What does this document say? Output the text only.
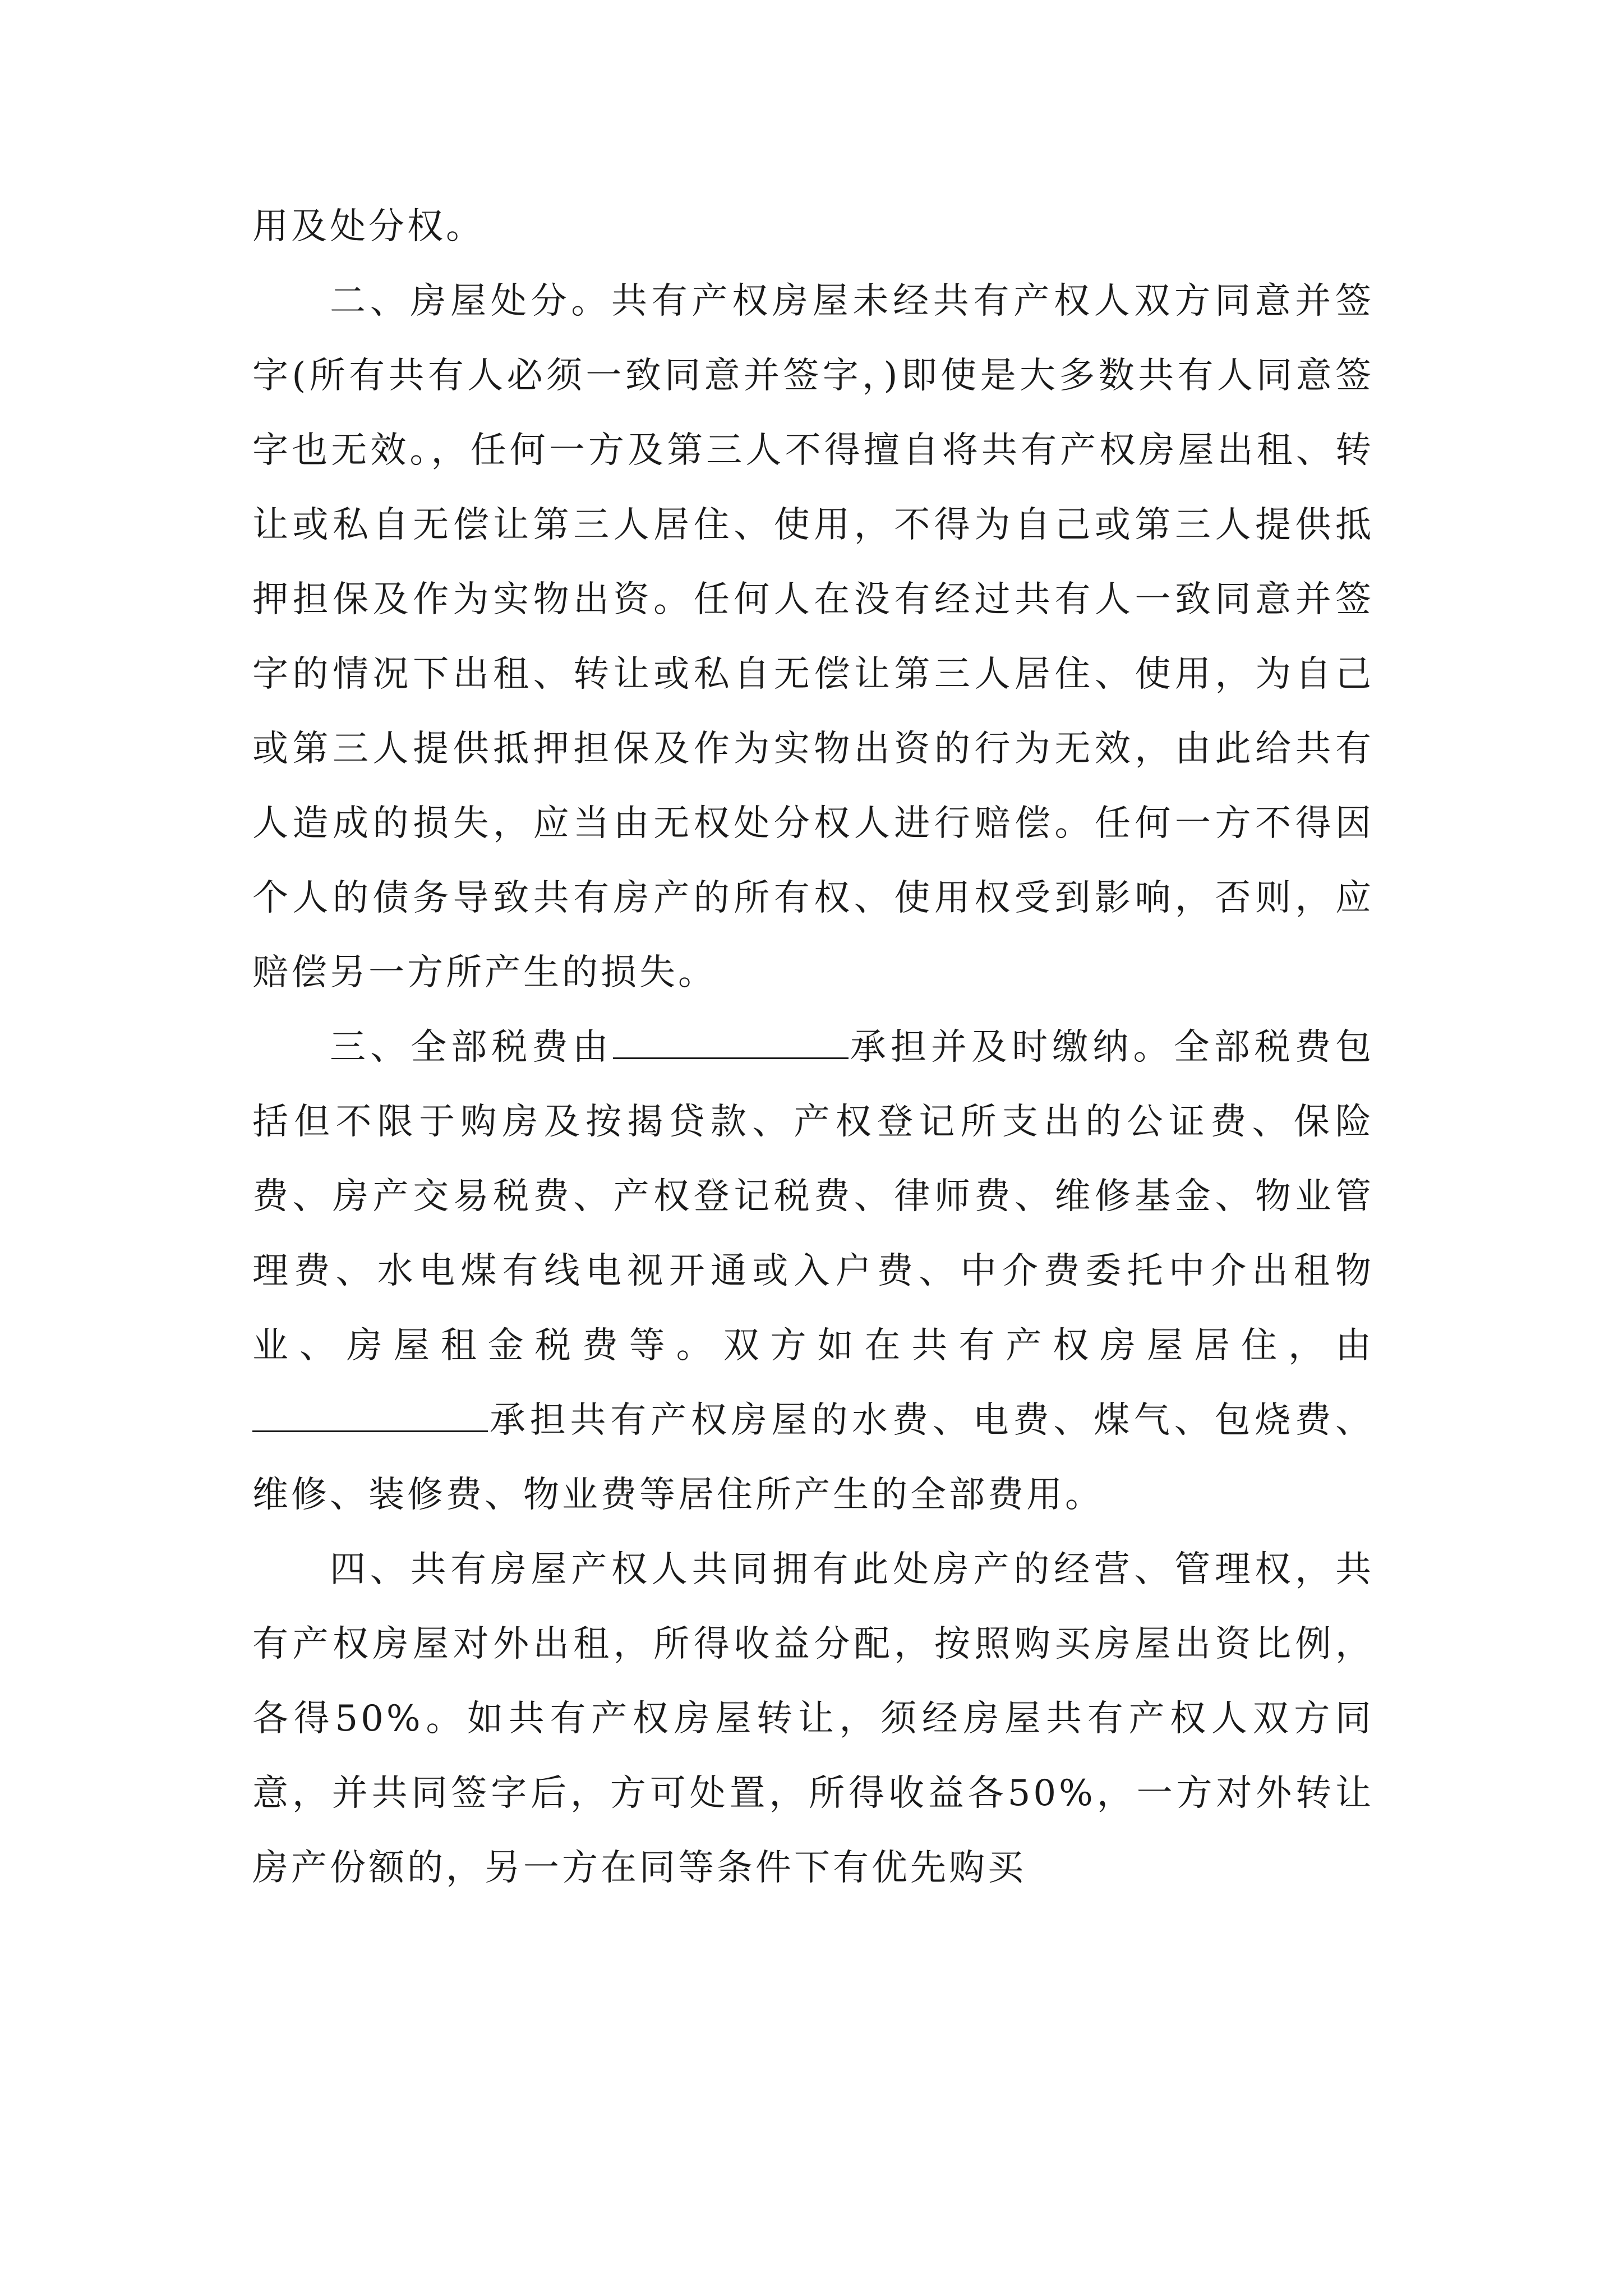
用及处分权。

二、房屋处分。共有产权房屋未经共有产权人双方同意并签字(所有共有人必须一致同意并签字，)即使是大多数共有人同意签字也无效。，任何一方及第三人不得擅自将共有产权房屋出租、转让或私自无偿让第三人居住、使用，不得为自己或第三人提供抵押担保及作为实物出资。任何人在没有经过共有人一致同意并签字的情况下出租、转让或私自无偿让第三人居住、使用，为自己或第三人提供抵押担保及作为实物出资的行为无效，由此给共有人造成的损失，应当由无权处分权人进行赔偿。任何一方不得因个人的债务导致共有房产的所有权、使用权受到影响，否则，应赔偿另一方所产生的损失。

三、全部税费由	承担并及时缴纳。全部税费包括但不限于购房及按揭贷款、产权登记所支出的公证费、保险费、房产交易税费、产权登记税费、律师费、维修基金、物业管理费、水电煤有线电视开通或入户费、中介费委托中介出租物业、房屋租金税费等。双方如在共有产权房屋居住，由承担共有产权房屋的水费、电费、煤气、包烧费、维修、装修费、物业费等居住所产生的全部费用。

四、共有房屋产权人共同拥有此处房产的经营、管理权，共有产权房屋对外出租，所得收益分配，按照购买房屋出资比例，各得50%。如共有产权房屋转让，须经房屋共有产权人双方同意，并共同签字后，方可处置，所得收益各50%，一方对外转让房产份额的，另一方在同等条件下有优先购买
